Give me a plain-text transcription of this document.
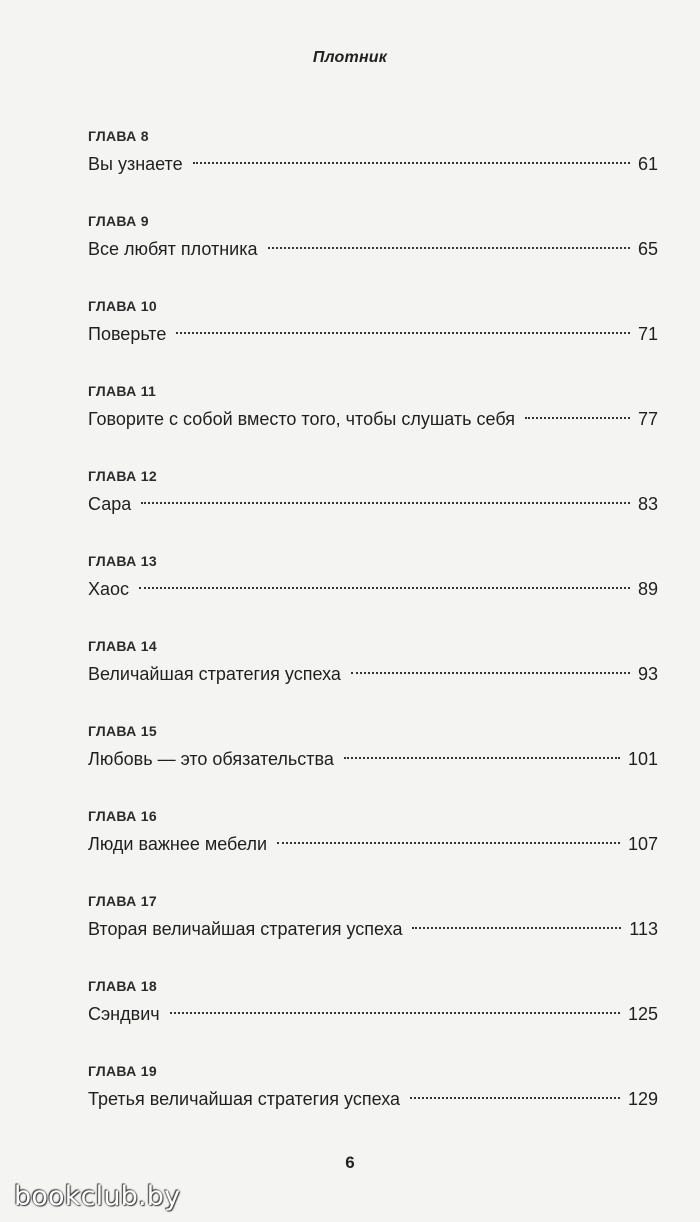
Плотник
ГЛАВА 8
Вы узнаете	61
ГЛАВА 9
Все любят плотника	65
ГЛАВА 10
Поверьте	71
ГЛАВА 11
Говорите с собой вместо того, чтобы слушать себя	77
ГЛАВА 12
Сара	83
ГЛАВА 13
Хаос	89
ГЛАВА 14
Величайшая стратегия успеха	93
ГЛАВА 15
Любовь — это обязательства	101
ГЛАВА 16
Люди важнее мебели	107
ГЛАВА 17
Вторая величайшая стратегия успеха	113
ГЛАВА 18
Сэндвич	125
ГЛАВА 19
Третья величайшая стратегия успеха	129
6
bookclub.by
